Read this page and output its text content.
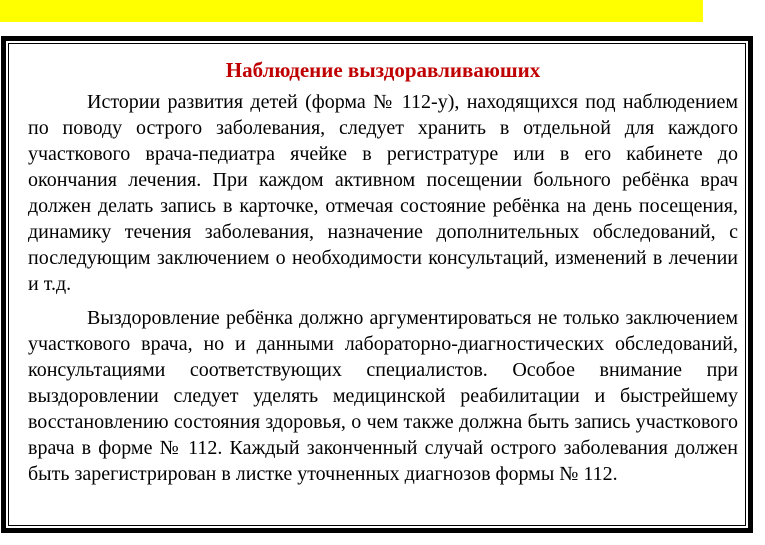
Наблюдение выздоравливаюших

Истории развития детей (форма № 112-у), находящихся под наблюдением по поводу острого заболевания, следует хранить в отдельной для каждого участкового врача-педиатра ячейке в регистратуре или в его кабинете до окончания лечения. При каждом активном посещении больного ребёнка врач должен делать запись в карточке, отмечая состояние ребёнка на день посещения, динамику течения заболевания, назначение дополнительных обследований, с последующим заключением о необходимости консультаций, изменений в лечении и т.д.

Выздоровление ребёнка должно аргументироваться не только заключением участкового врача, но и данными лабораторно-диагностических обследований, консультациями соответствующих специалистов. Особое внимание при выздоровлении следует уделять медицинской реабилитации и быстрейшему восстановлению состояния здоровья, о чем также должна быть запись участкового врача в форме № 112. Каждый законченный случай острого заболевания должен быть зарегистрирован в листке уточненных диагнозов формы № 112.
